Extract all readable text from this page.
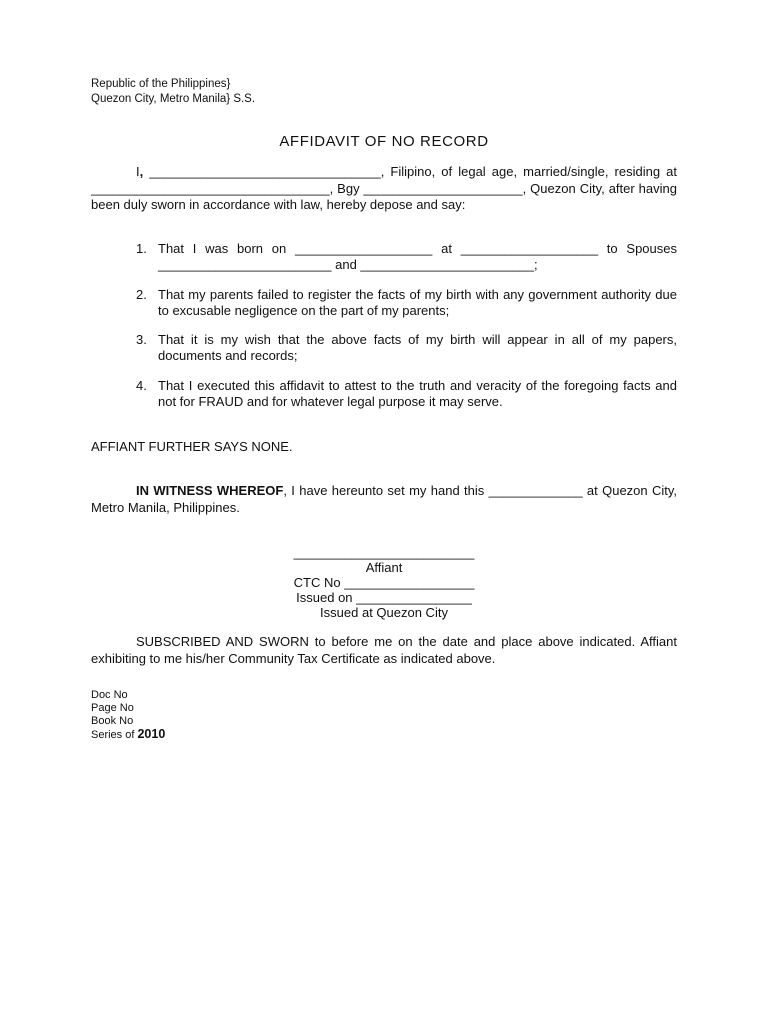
Republic of the Philippines}
Quezon City, Metro Manila} S.S.
AFFIDAVIT OF NO RECORD
I, ________________________________, Filipino, of legal age, married/single, residing at _________________________________, Bgy ______________________, Quezon City, after having been duly sworn in accordance with law, hereby depose and say:
1. That I was born on ___________________ at ___________________ to Spouses ________________________ and ________________________;
2. That my parents failed to register the facts of my birth with any government authority due to excusable negligence on the part of my parents;
3. That it is my wish that the above facts of my birth will appear in all of my papers, documents and records;
4. That I executed this affidavit to attest to the truth and veracity of the foregoing facts and not for FRAUD and for whatever legal purpose it may serve.
AFFIANT FURTHER SAYS NONE.
IN WITNESS WHEREOF, I have hereunto set my hand this _____________ at Quezon City, Metro Manila, Philippines.
_________________________
Affiant
CTC No __________________
Issued on ________________
Issued at Quezon City
SUBSCRIBED AND SWORN to before me on the date and place above indicated. Affiant exhibiting to me his/her Community Tax Certificate as indicated above.
Doc No
Page No
Book No
Series of 2010
